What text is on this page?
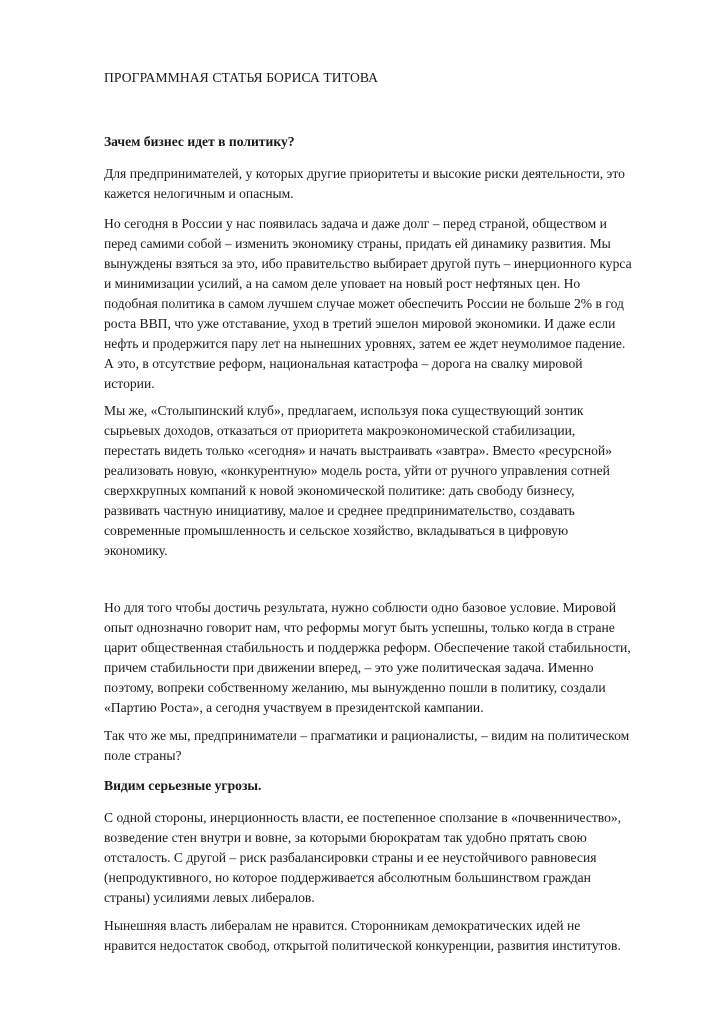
ПРОГРАММНАЯ СТАТЬЯ БОРИСА ТИТОВА
Зачем бизнес идет в политику?

Для предпринимателей, у которых другие приоритеты и высокие риски деятельности, это
кажется нелогичным и опасным.

Но сегодня в России у нас появилась задача и даже долг – перед страной, обществом и
перед самими собой – изменить экономику страны, придать ей динамику развития. Мы
вынуждены взяться за это, ибо правительство выбирает другой путь – инерционного курса
и минимизации усилий, а на самом деле уповает на новый рост нефтяных цен. Но
подобная политика в самом лучшем случае может обеспечить России не больше 2% в год
роста ВВП, что уже отставание, уход в третий эшелон мировой экономики. И даже если
нефть и продержится пару лет на нынешних уровнях, затем ее ждет неумолимое падение.
А это, в отсутствие реформ, национальная катастрофа – дорога на свалку мировой
истории.

Мы же, «Столыпинский клуб», предлагаем, используя пока существующий зонтик
сырьевых доходов, отказаться от приоритета макроэкономической стабилизации,
перестать видеть только «сегодня» и начать выстраивать «завтра». Вместо «ресурсной»
реализовать новую, «конкурентную» модель роста, уйти от ручного управления сотней
сверхкрупных компаний к новой экономической политике: дать свободу бизнесу,
развивать частную инициативу, малое и среднее предпринимательство, создавать
современные промышленность и сельское хозяйство, вкладываться в цифровую
экономику.

Но для того чтобы достичь результата, нужно соблюсти одно базовое условие. Мировой
опыт однозначно говорит нам, что реформы могут быть успешны, только когда в стране
царит общественная стабильность и поддержка реформ. Обеспечение такой стабильности,
причем стабильности при движении вперед, – это уже политическая задача. Именно
поэтому, вопреки собственному желанию, мы вынужденно пошли в политику, создали
«Партию Роста», а сегодня участвуем в президентской кампании.

Так что же мы, предприниматели – прагматики и рационалисты, – видим на политическом
поле страны?

Видим серьезные угрозы.

С одной стороны, инерционность власти, ее постепенное сползание в «почвенничество»,
возведение стен внутри и вовне, за которыми бюрократам так удобно прятать свою
отсталость. С другой – риск разбалансировки страны и ее неустойчивого равновесия
(непродуктивного, но которое поддерживается абсолютным большинством граждан
страны) усилиями левых либералов.

Нынешняя власть либералам не нравится. Сторонникам демократических идей не
нравится недостаток свобод, открытой политической конкуренции, развития институтов.
